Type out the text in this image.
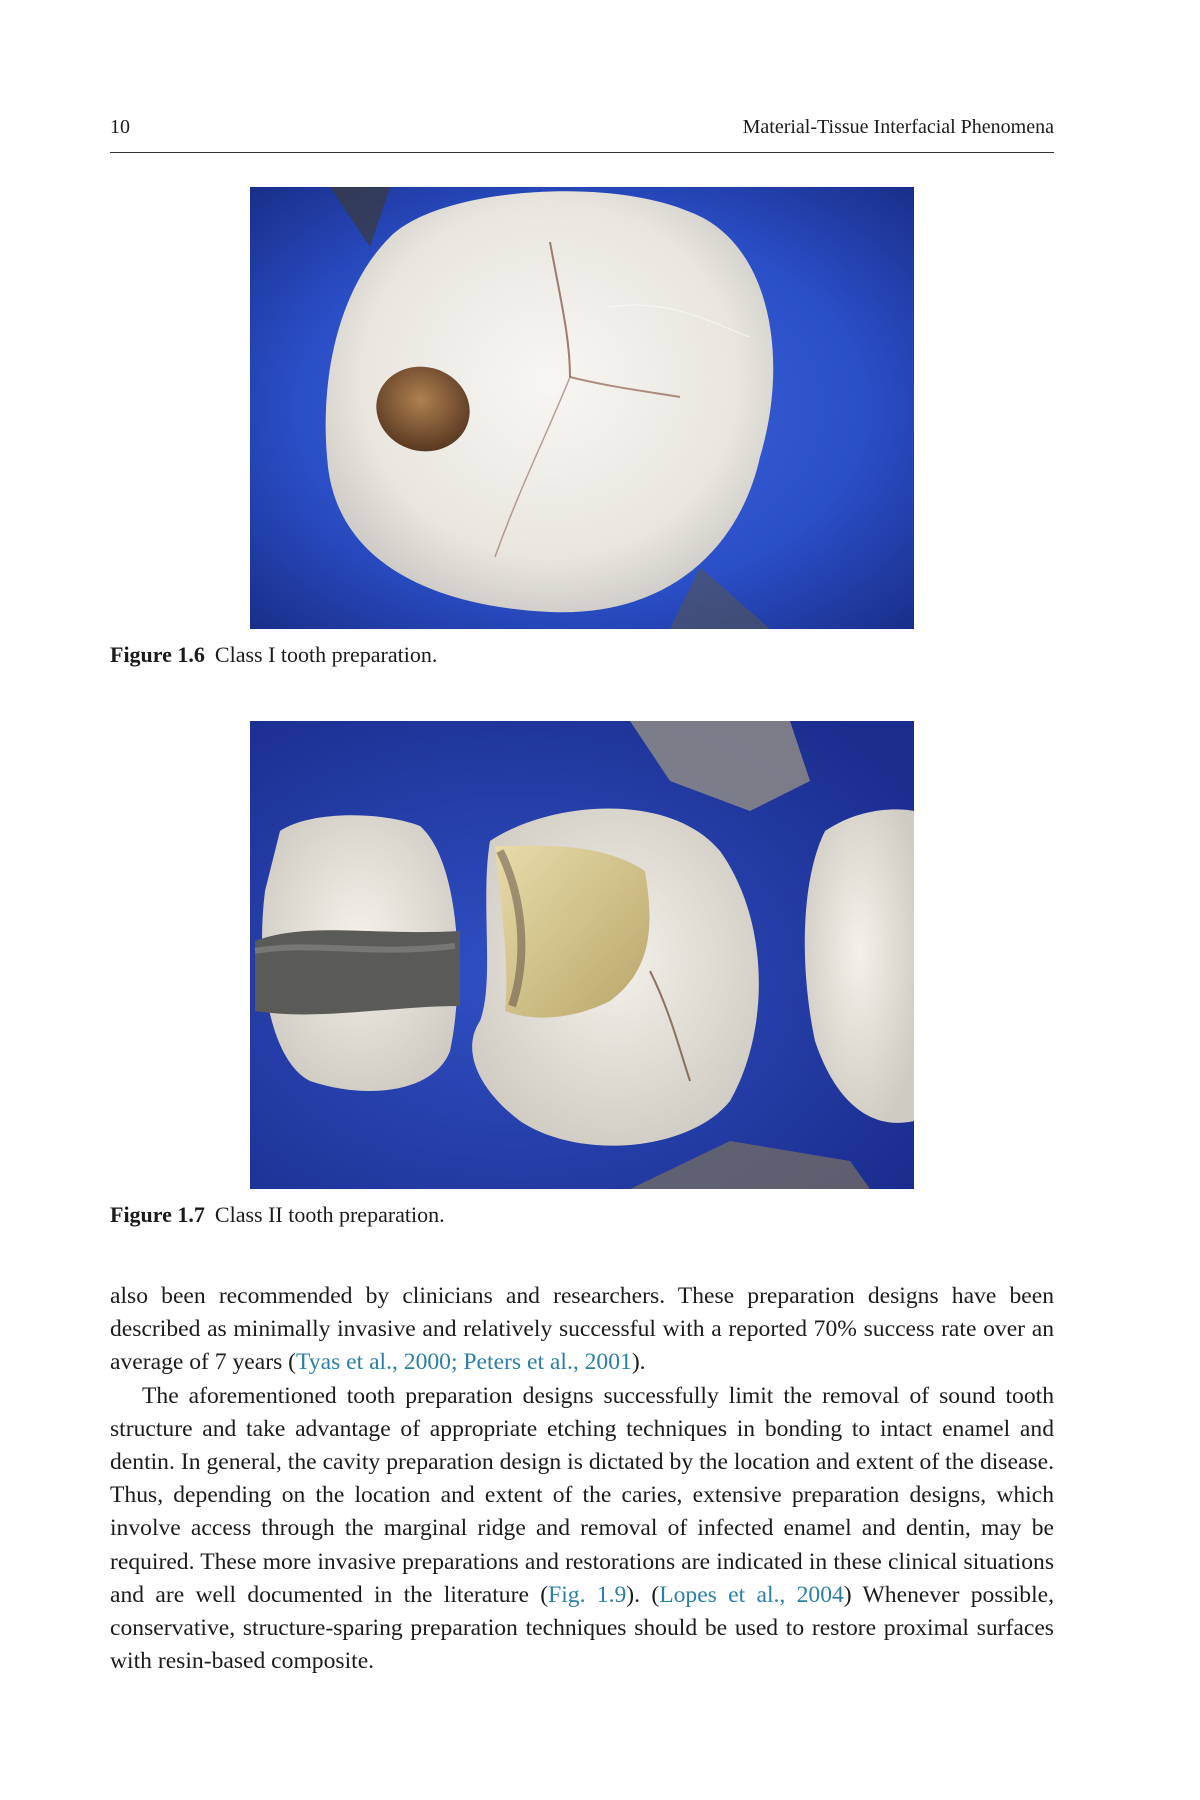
10	Material-Tissue Interfacial Phenomena
Figure 1.6 Class I tooth preparation.
Figure 1.7 Class II tooth preparation.

also been recommended by clinicians and researchers. These preparation designs have been described as minimally invasive and relatively successful with a reported 70% success rate over an average of 7 years (Tyas et al., 2000; Peters et al., 2001).

The aforementioned tooth preparation designs successfully limit the removal of sound tooth structure and take advantage of appropriate etching techniques in bonding to intact enamel and dentin. In general, the cavity preparation design is dictated by the location and extent of the disease. Thus, depending on the location and extent of the caries, extensive preparation designs, which involve access through the marginal ridge and removal of infected enamel and dentin, may be required. These more invasive preparations and restorations are indicated in these clinical situations and are well documented in the literature (Fig. 1.9). (Lopes et al., 2004) Whenever possible, conservative, structure-sparing preparation techniques should be used to restore proximal surfaces with resin-based composite.
